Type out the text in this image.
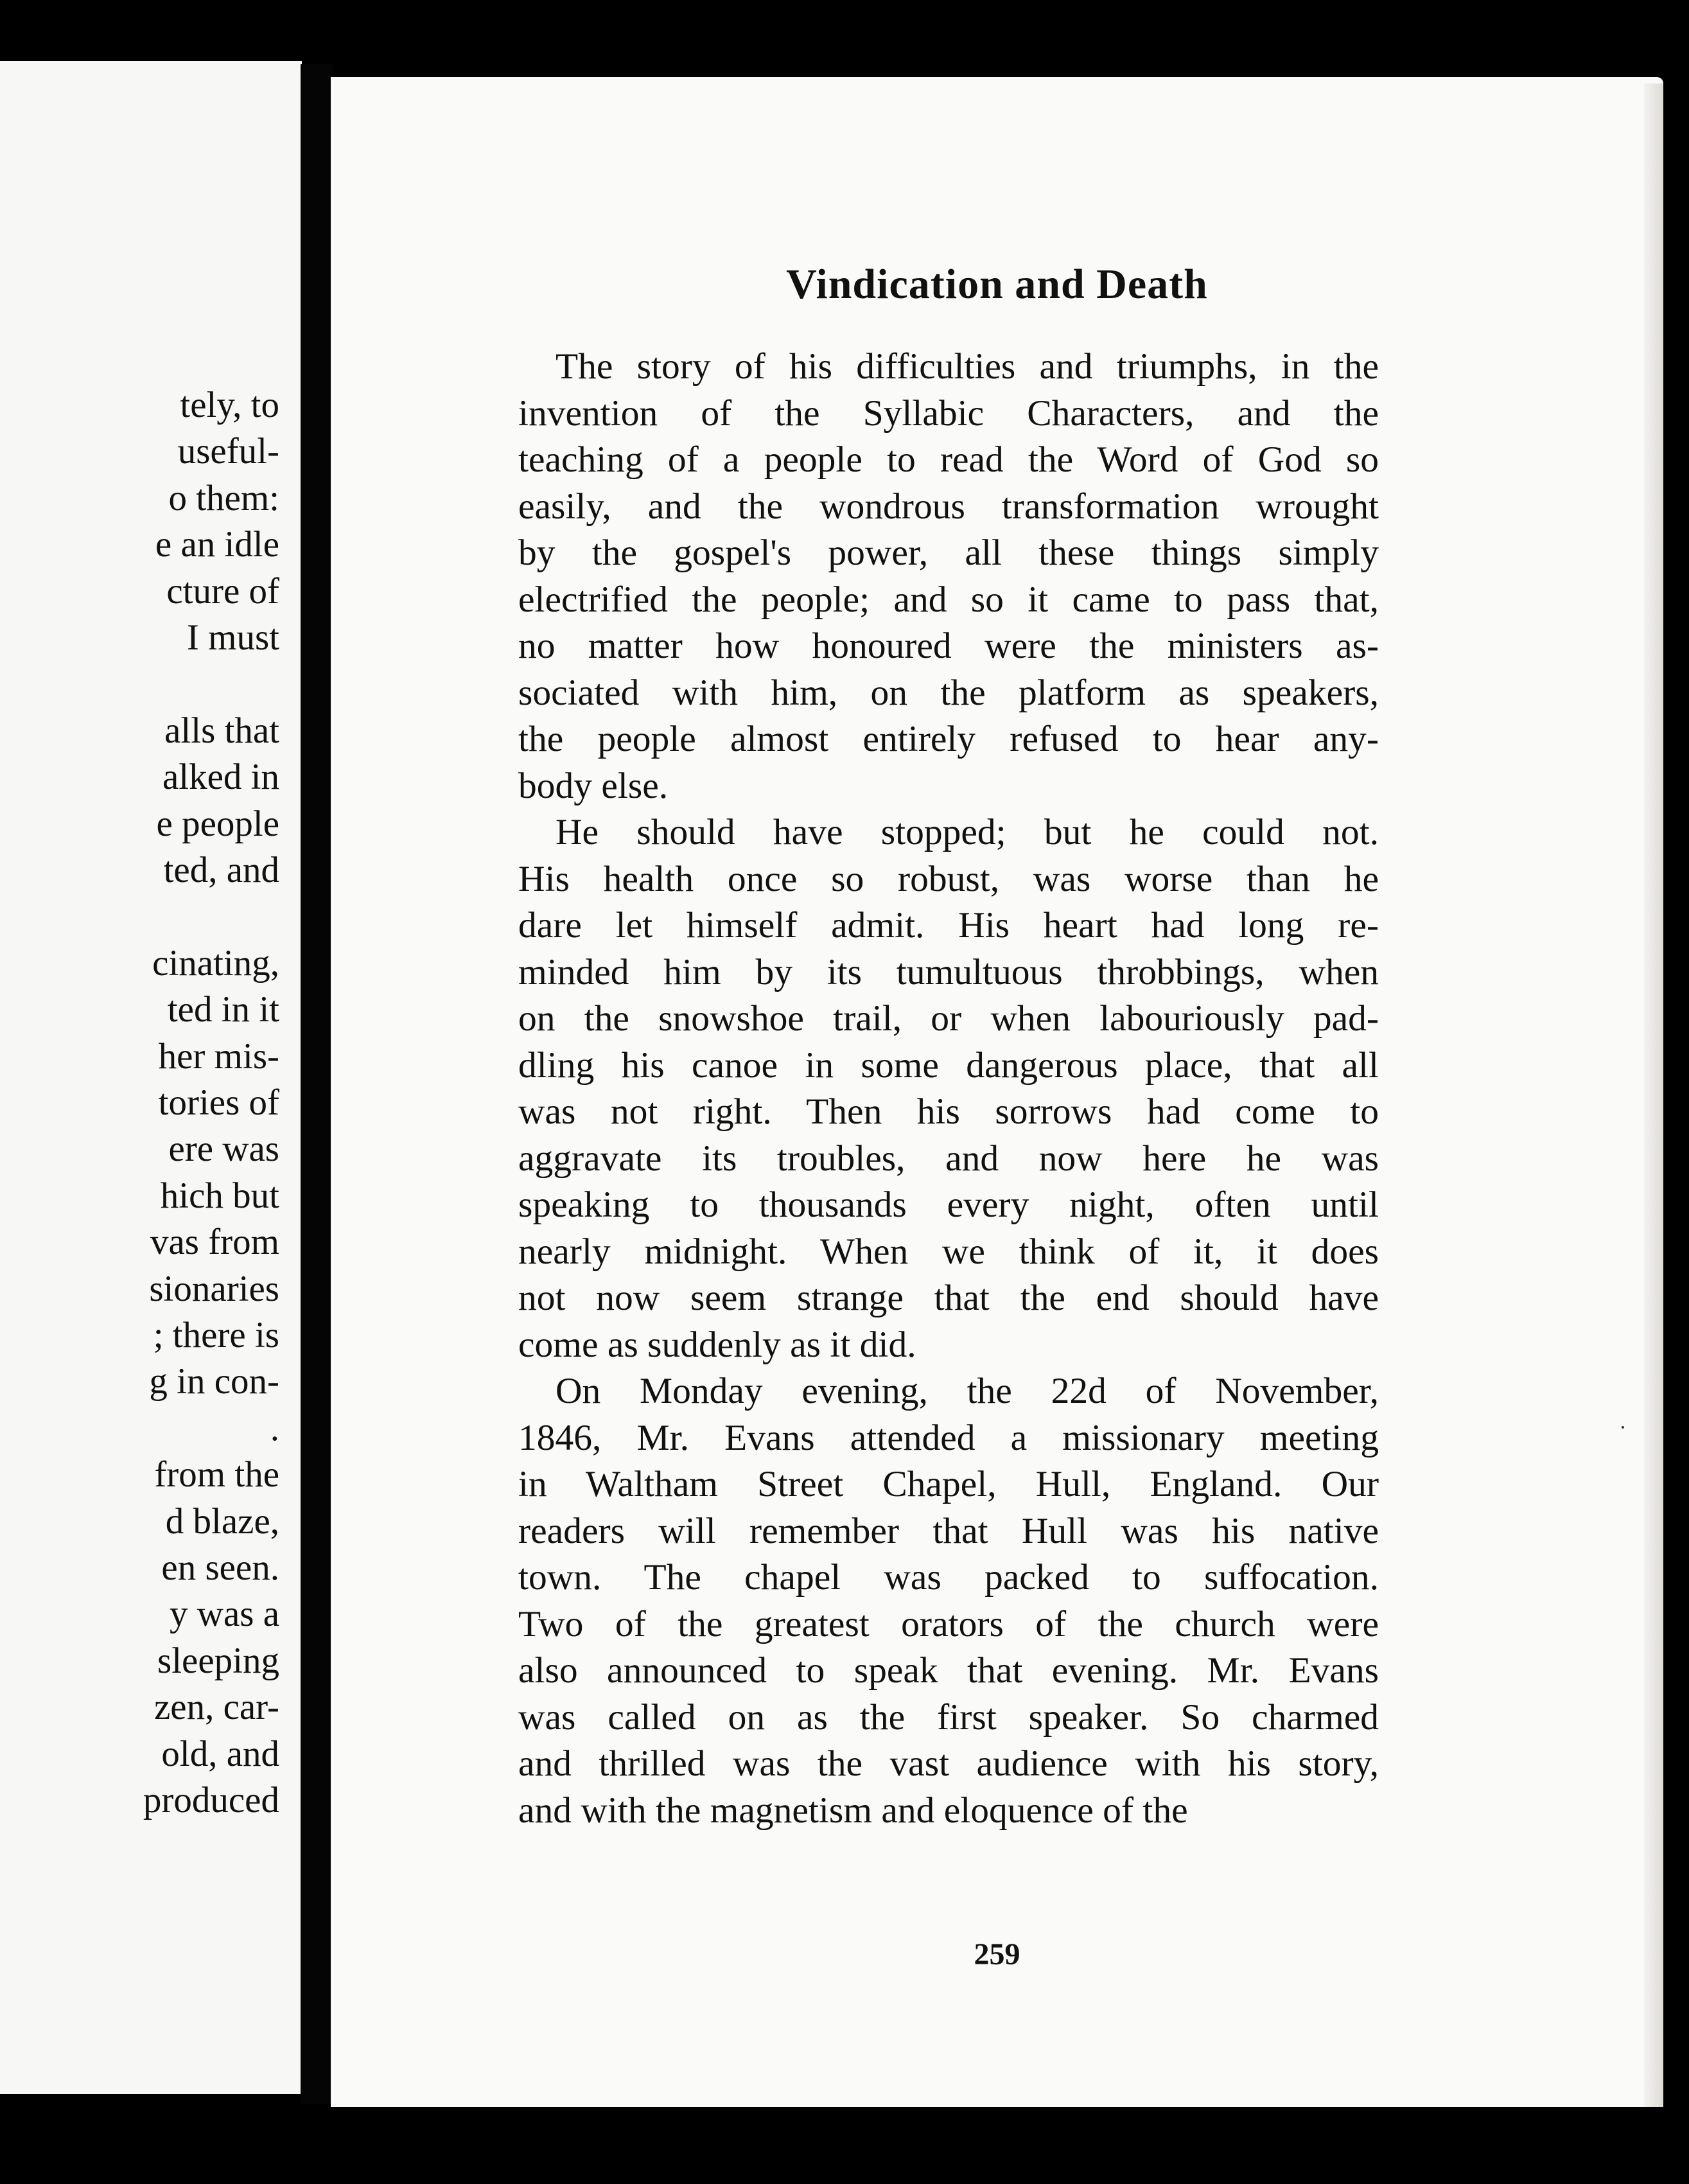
tely, to
useful-
o them:
e an idle
cture of
I must
alls that
alked in
e people
ted, and
cinating,
ted in it
her mis-
tories of
ere was
hich but
vas from
sionaries
; there is
g in con-
.
from the
d blaze,
en seen.
y was a
sleeping
zen, car-
old, and
produced
Vindication and Death
The story of his difficulties and triumphs, in the
invention of the Syllabic Characters, and the
teaching of a people to read the Word of God so
easily, and the wondrous transformation wrought
by the gospel's power, all these things simply
electrified the people; and so it came to pass that,
no matter how honoured were the ministers as-
sociated with him, on the platform as speakers,
the people almost entirely refused to hear any-
body else.
He should have stopped; but he could not.
His health once so robust, was worse than he
dare let himself admit. His heart had long re-
minded him by its tumultuous throbbings, when
on the snowshoe trail, or when labouriously pad-
dling his canoe in some dangerous place, that all
was not right. Then his sorrows had come to
aggravate its troubles, and now here he was
speaking to thousands every night, often until
nearly midnight. When we think of it, it does
not now seem strange that the end should have
come as suddenly as it did.
On Monday evening, the 22d of November,
1846, Mr. Evans attended a missionary meeting
in Waltham Street Chapel, Hull, England. Our
readers will remember that Hull was his native
town. The chapel was packed to suffocation.
Two of the greatest orators of the church were
also announced to speak that evening. Mr. Evans
was called on as the first speaker. So charmed
and thrilled was the vast audience with his story,
and with the magnetism and eloquence of the
259
